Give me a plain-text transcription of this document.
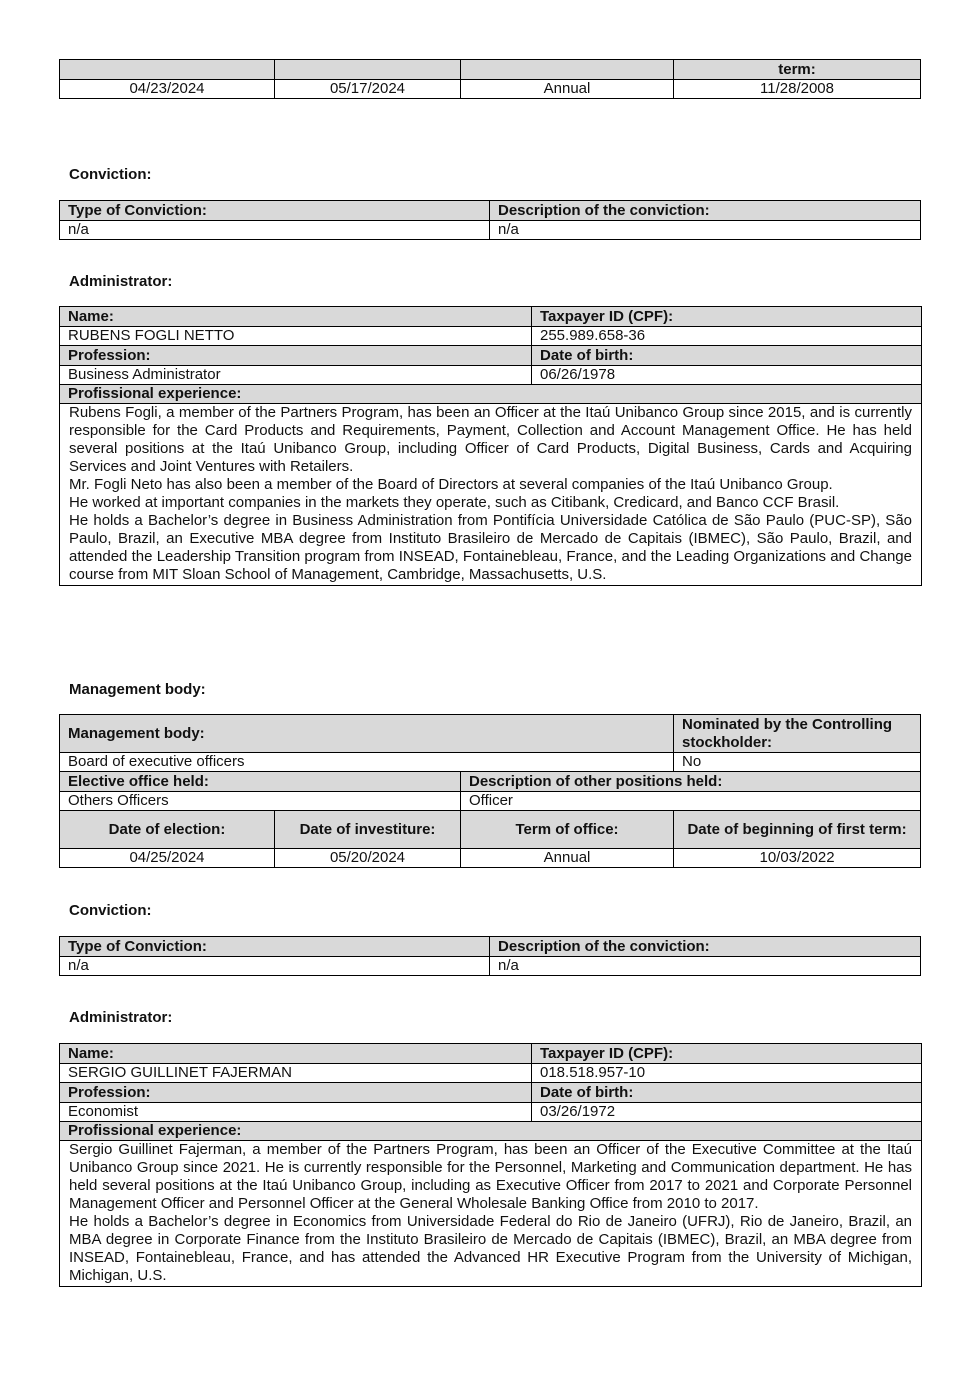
			term:
04/23/2024	05/17/2024	Annual	11/28/2008
Conviction:
Type of Conviction:	Description of the conviction:
n/a	n/a
Administrator:
Name:	Taxpayer ID (CPF):
RUBENS FOGLI NETTO	255.989.658-36
Profession:	Date of birth:
Business Administrator	06/26/1978
Profissional experience:	

Rubens Fogli, a member of the Partners Program, has been an Officer at the Itaú Unibanco Group since 2015, and is currently responsible for the Card Products and Requirements, Payment, Collection and Account Management Office. He has held several positions at the Itaú Unibanco Group, including Officer of Card Products, Digital Business, Cards and Acquiring Services and Joint Ventures with Retailers.

Mr. Fogli Neto has also been a member of the Board of Directors at several companies of the Itaú Unibanco Group.

He worked at important companies in the markets they operate, such as Citibank, Credicard, and Banco CCF Brasil.

He holds a Bachelor’s degree in Business Administration from Pontifícia Universidade Católica de São Paulo (PUC-SP), São Paulo, Brazil, an Executive MBA degree from Instituto Brasileiro de Mercado de Capitais (IBMEC), São Paulo, Brazil, and attended the Leadership Transition program from INSEAD, Fontainebleau, France, and the Leading Organizations and Change course from MIT Sloan School of Management, Cambridge, Massachusetts, U.S.	

Management body:
Management body:			Nominated by the Controlling stockholder:
Board of executive officers			No
Elective office held:		Description of other positions held:	
Others Officers		Officer	
Date of election:	Date of investiture:	Term of office:	Date of beginning of first term:
04/25/2024	05/20/2024	Annual	10/03/2022
Conviction:
Type of Conviction:	Description of the conviction:
n/a	n/a
Administrator:
Name:	Taxpayer ID (CPF):
SERGIO GUILLINET FAJERMAN	018.518.957-10
Profession:	Date of birth:
Economist	03/26/1972
Profissional experience:	

Sergio Guillinet Fajerman, a member of the Partners Program, has been an Officer of the Executive Committee at the Itaú Unibanco Group since 2021. He is currently responsible for the Personnel, Marketing and Communication department. He has held several positions at the Itaú Unibanco Group, including as Executive Officer from 2017 to 2021 and Corporate Personnel Management Officer and Personnel Officer at the General Wholesale Banking Office from 2010 to 2017.

He holds a Bachelor’s degree in Economics from Universidade Federal do Rio de Janeiro (UFRJ), Rio de Janeiro, Brazil, an MBA degree in Corporate Finance from the Instituto Brasileiro de Mercado de Capitais (IBMEC), Brazil, an MBA degree from INSEAD, Fontainebleau, France, and has attended the Advanced HR Executive Program from the University of Michigan, Michigan, U.S.	
